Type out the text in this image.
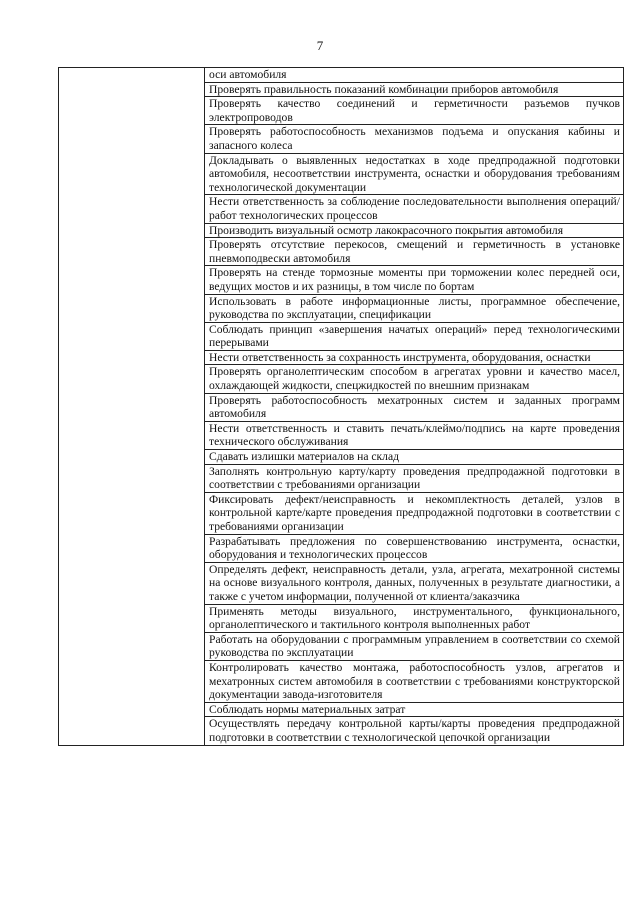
7
	оси автомобиля
Проверять правильность показаний комбинации приборов автомобиля
Проверять качество соединений и герметичности разъемов пучков электропроводов
Проверять работоспособность механизмов подъема и опускания кабины и запасного колеса
Докладывать о выявленных недостатках в ходе предпродажной подготовки автомобиля, несоответствии инструмента, оснастки и оборудования требованиям технологической документации
Нести ответственность за соблюдение последовательности выполнения операций/работ технологических процессов
Производить визуальный осмотр лакокрасочного покрытия автомобиля
Проверять отсутствие перекосов, смещений и герметичность в установке пневмоподвески автомобиля
Проверять на стенде тормозные моменты при торможении колес передней оси, ведущих мостов и их разницы, в том числе по бортам
Использовать в работе информационные листы, программное обеспечение, руководства по эксплуатации, спецификации
Соблюдать принцип «завершения начатых операций» перед технологическими перерывами
Нести ответственность за сохранность инструмента, оборудования, оснастки
Проверять органолептическим способом в агрегатах уровни и качество масел, охлаждающей жидкости, спецжидкостей по внешним признакам
Проверять работоспособность мехатронных систем и заданных программ автомобиля
Нести ответственность и ставить печать/клеймо/подпись на карте проведения технического обслуживания
Сдавать излишки материалов на склад
Заполнять контрольную карту/карту проведения предпродажной подготовки в соответствии с требованиями организации
Фиксировать дефект/неисправность и некомплектность деталей, узлов в контрольной карте/карте проведения предпродажной подготовки в соответствии с требованиями организации
Разрабатывать предложения по совершенствованию инструмента, оснастки, оборудования и технологических процессов
Определять дефект, неисправность детали, узла, агрегата, мехатронной системы на основе визуального контроля, данных, полученных в результате диагностики, а также с учетом информации, полученной от клиента/заказчика
Применять методы визуального, инструментального, функционального, органолептического и тактильного контроля выполненных работ
Работать на оборудовании с программным управлением в соответствии со схемой руководства по эксплуатации
Контролировать качество монтажа, работоспособность узлов, агрегатов и мехатронных систем автомобиля в соответствии с требованиями конструкторской документации завода-изготовителя
Соблюдать нормы материальных затрат
Осуществлять передачу контрольной карты/карты проведения предпродажной подготовки в соответствии с технологической цепочкой организации
